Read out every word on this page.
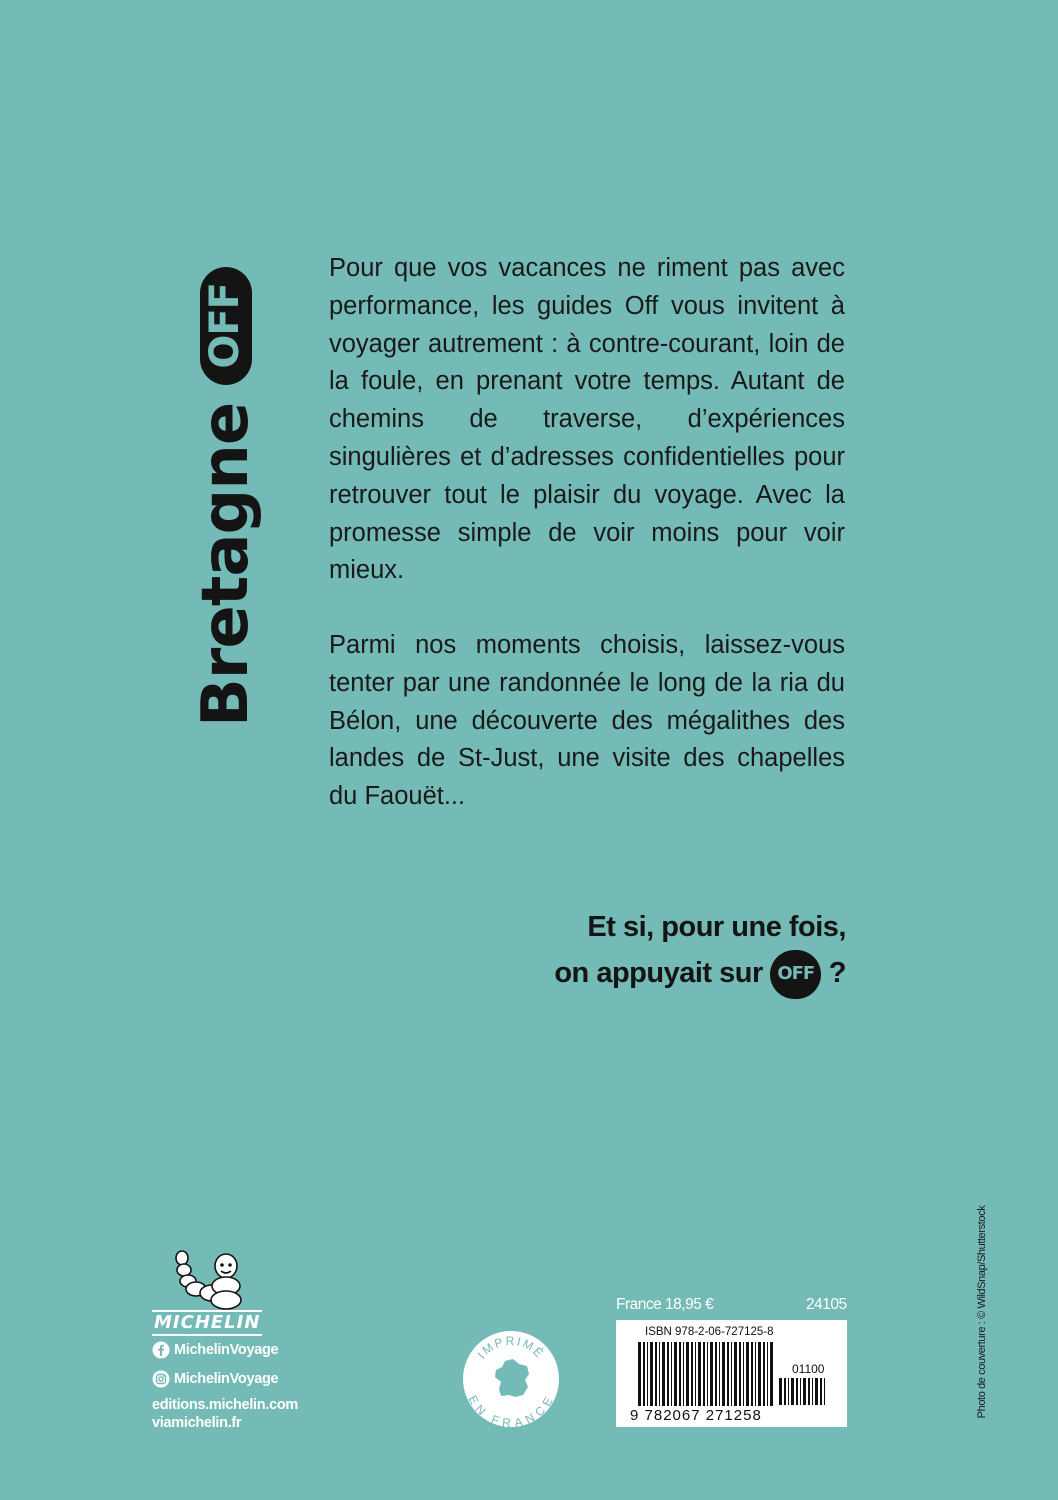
Bretagne
OFF

Pour que vos vacances ne riment pas avec performance, les guides Off vous invitent à voyager autrement : à contre-courant, loin de la foule, en prenant votre temps. Autant de chemins de traverse, d’expériences singulières et d’adresses confidentielles pour retrouver tout le plaisir du voyage. Avec la promesse simple de voir moins pour voir mieux.

Parmi nos moments choisis, laissez-vous tenter par une randonnée le long de la ria du Bélon, une découverte des mégalithes des landes de St-Just, une visite des chapelles du Faouët...

Et si, pour une fois,
on appuyait sur OFF ?
MICHELIN
MichelinVoyage
MichelinVoyage
editions.michelin.com
viamichelin.fr
IMPRIMÉ
EN FRANCE
France 18,95 €	24105
ISBN 978-2-06-727125-8
01100
9 782067 271258	Photo de couverture : © WildSnap/Shutterstock
